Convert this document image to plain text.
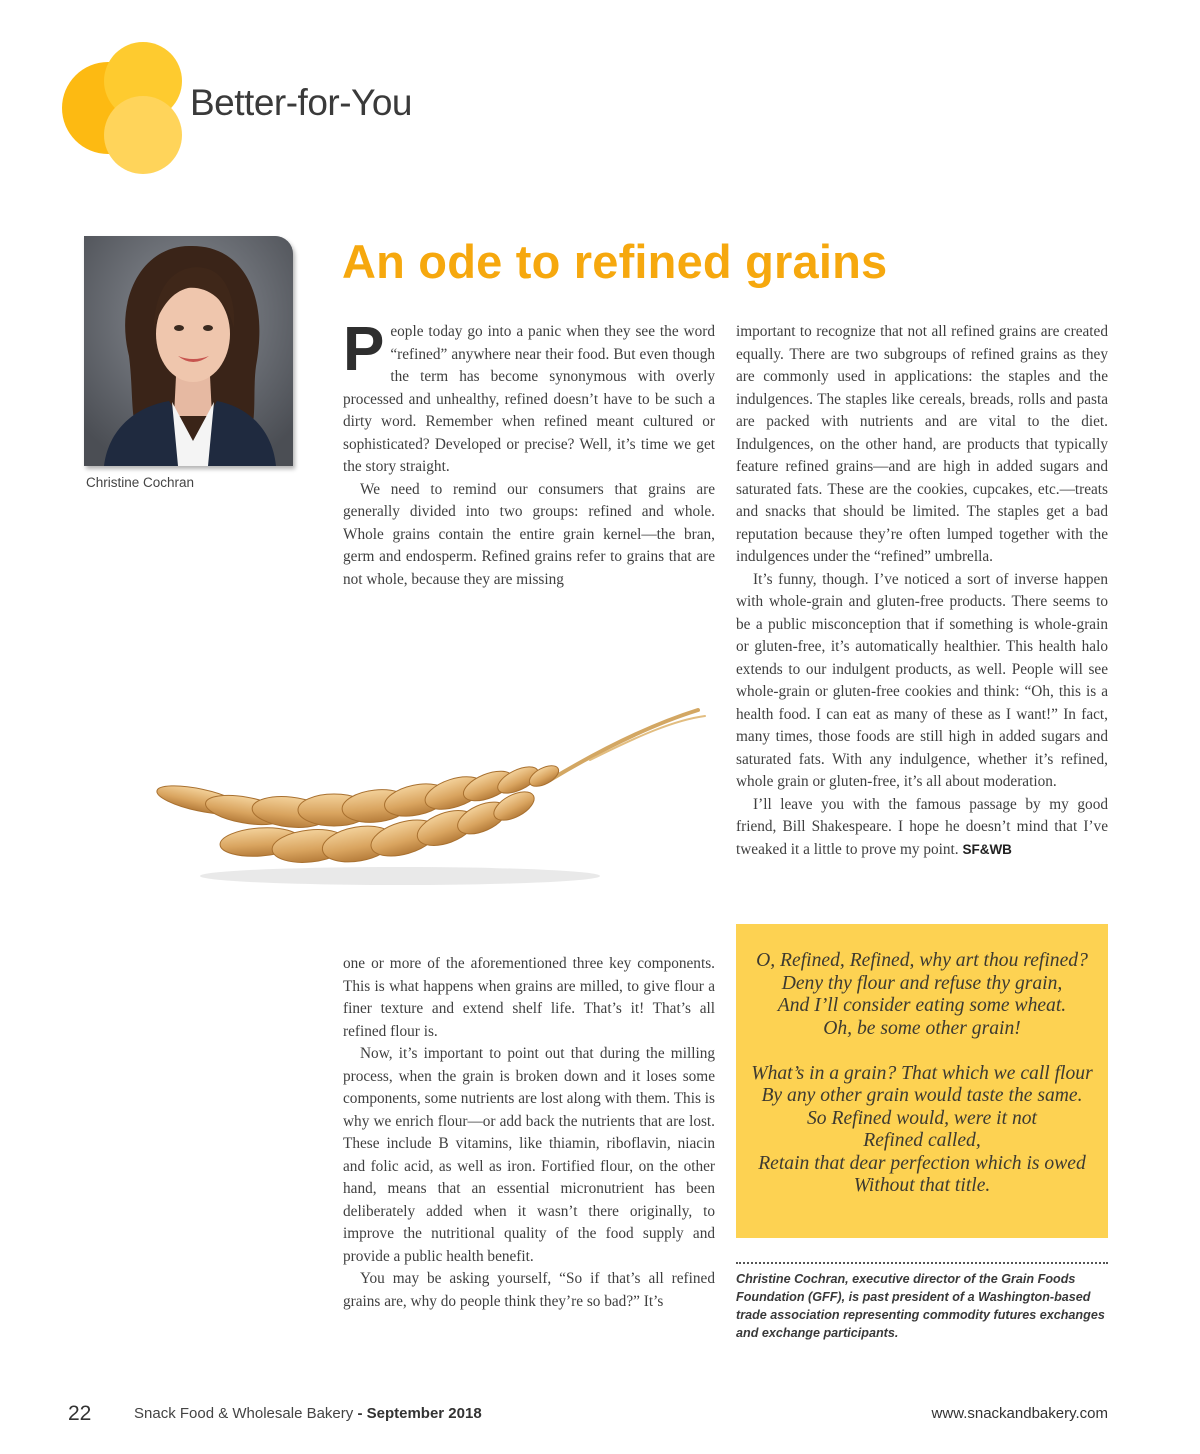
Better-for-You
Christine Cochran
An ode to refined grains

People today go into a panic when they see the word “refined” anywhere near their food. But even though the term has become synonymous with overly processed and unhealthy, refined doesn’t have to be such a dirty word. Remember when refined meant cultured or sophisticated? Developed or precise? Well, it’s time we get the story straight.

We need to remind our consumers that grains are generally divided into two groups: refined and whole. Whole grains contain the entire grain kernel—the bran, germ and endosperm. Refined grains refer to grains that are not whole, because they are missing

one or more of the aforementioned three key components. This is what happens when grains are milled, to give flour a finer texture and extend shelf life. That’s it! That’s all refined flour is.

Now, it’s important to point out that during the milling process, when the grain is broken down and it loses some components, some nutrients are lost along with them. This is why we enrich flour—or add back the nutrients that are lost. These include B vitamins, like thiamin, riboflavin, niacin and folic acid, as well as iron. Fortified flour, on the other hand, means that an essential micronutrient has been deliberately added when it wasn’t there originally, to improve the nutritional quality of the food supply and provide a public health benefit.

You may be asking yourself, “So if that’s all refined grains are, why do people think they’re so bad?” It’s

important to recognize that not all refined grains are created equally. There are two subgroups of refined grains as they are commonly used in applications: the staples and the indulgences. The staples like cereals, breads, rolls and pasta are packed with nutrients and are vital to the diet. Indulgences, on the other hand, are products that typically feature refined grains—and are high in added sugars and saturated fats. These are the cookies, cupcakes, etc.—treats and snacks that should be limited. The staples get a bad reputation because they’re often lumped together with the indulgences under the “refined” umbrella.

It’s funny, though. I’ve noticed a sort of inverse happen with whole-grain and gluten-free products. There seems to be a public misconception that if something is whole-grain or gluten-free, it’s automatically healthier. This health halo extends to our indulgent products, as well. People will see whole-grain or gluten-free cookies and think: “Oh, this is a health food. I can eat as many of these as I want!” In fact, many times, those foods are still high in added sugars and saturated fats. With any indulgence, whether it’s refined, whole grain or gluten-free, it’s all about moderation.

I’ll leave you with the famous passage by my good friend, Bill Shakespeare. I hope he doesn’t mind that I’ve tweaked it a little to prove my point. SF&WB

O, Refined, Refined, why art thou refined?
Deny thy flour and refuse thy grain,
And I’ll consider eating some wheat.
Oh, be some other grain!
What’s in a grain? That which we call flour
By any other grain would taste the same.
So Refined would, were it not
Refined called,
Retain that dear perfection which is owed
Without that title.

Christine Cochran, executive director of the Grain Foods Foundation (GFF), is past president of a Washington-based trade association representing commodity futures exchanges and exchange participants.

22	Snack Food & Wholesale Bakery - September 2018	www.snackandbakery.com
